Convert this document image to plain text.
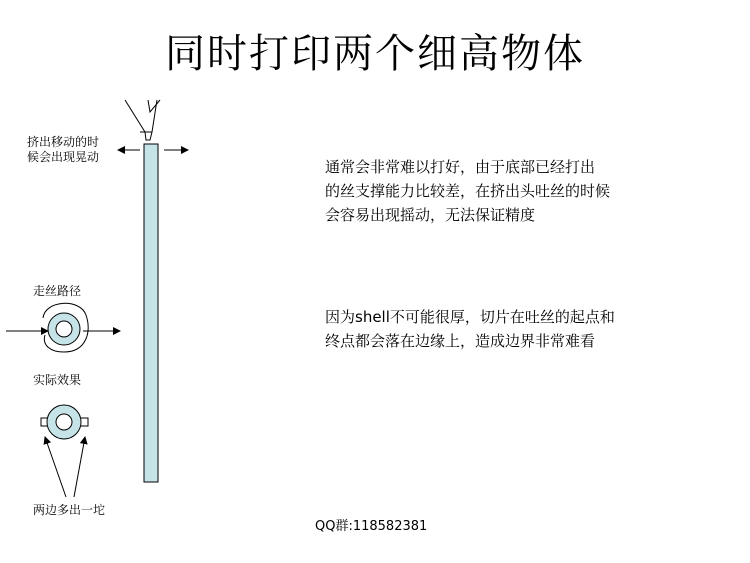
同时打印两个细高物体
挤出移动的时
候会出现晃动
走丝路径
实际效果
两边多出一坨
通常会非常难以打好，由于底部已经打出
的丝支撑能力比较差，在挤出头吐丝的时候
会容易出现摇动，无法保证精度
因为shell不可能很厚，切片在吐丝的起点和
终点都会落在边缘上，造成边界非常难看
QQ群:118582381
